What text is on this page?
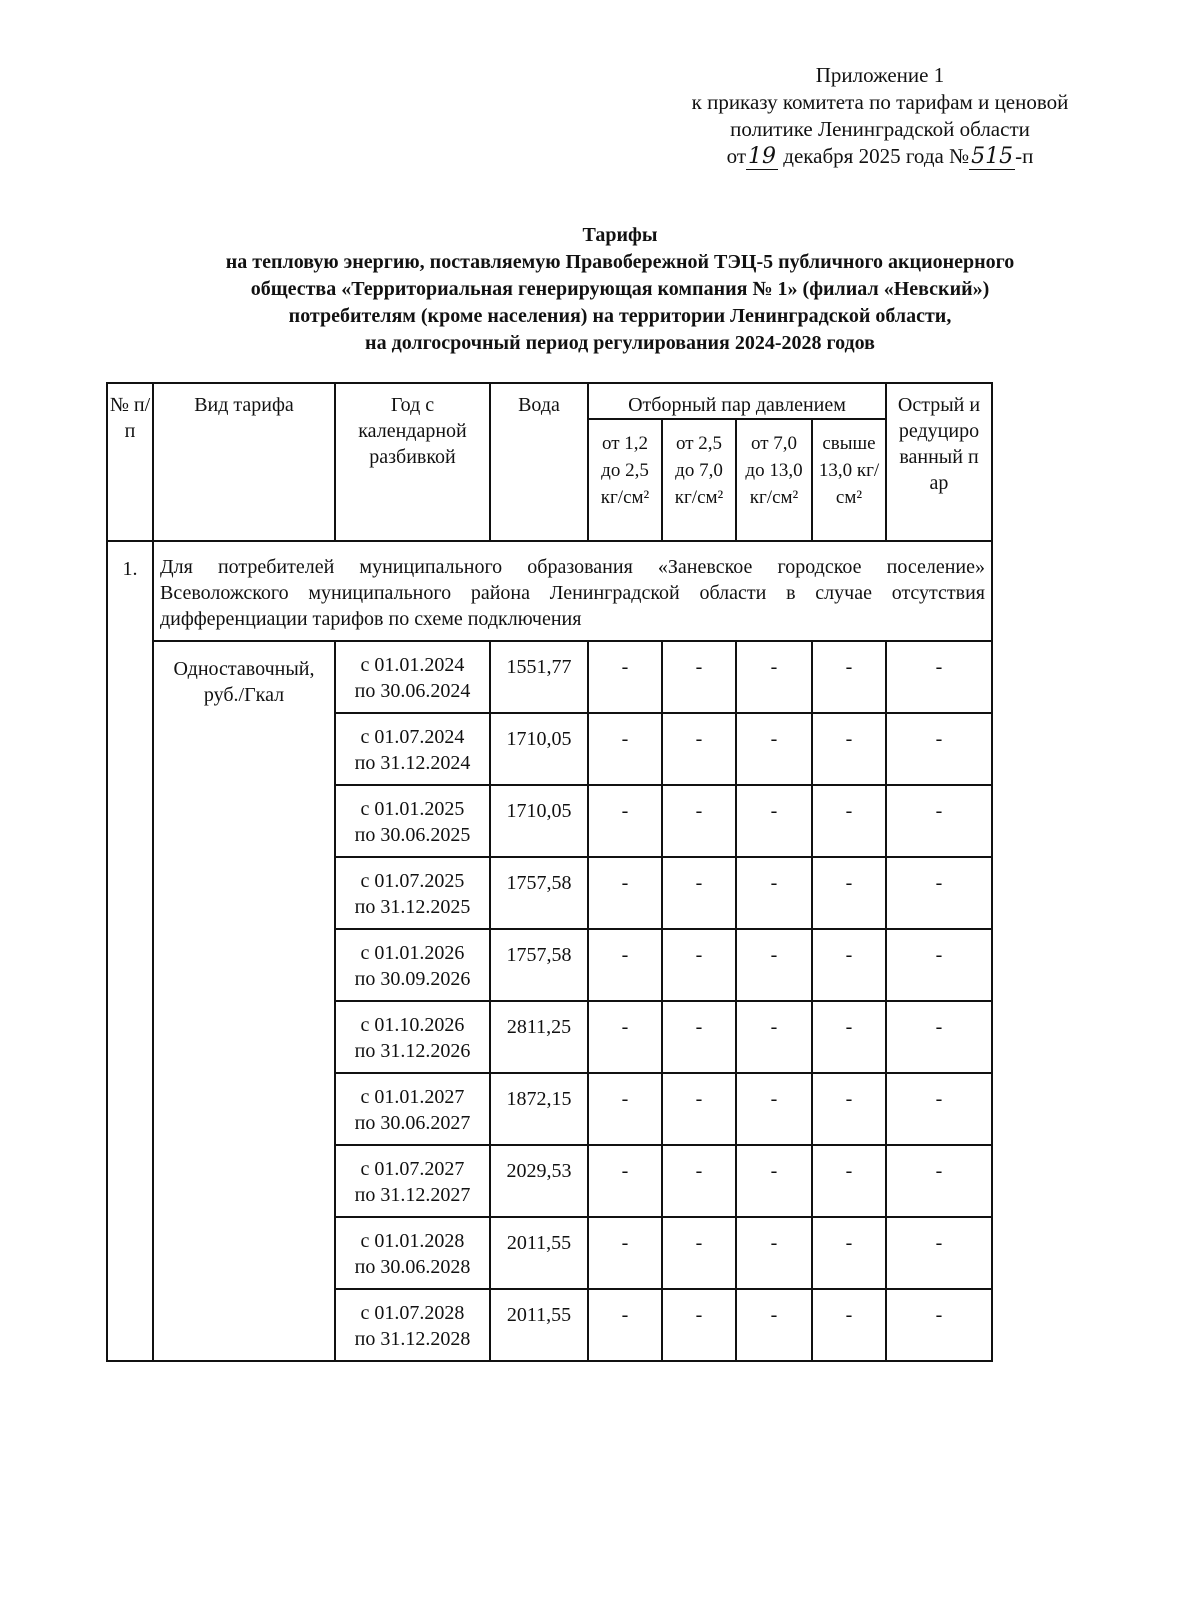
Приложение 1
к приказу комитета по тарифам и ценовой
политике Ленинградской области
от19 декабря 2025 года №515-п
Тарифы
на тепловую энергию, поставляемую Правобережной ТЭЦ-5 публичного акционерного
общества «Территориальная генерирующая компания № 1» (филиал «Невский»)
потребителям (кроме населения) на территории Ленинградской области,
на долгосрочный период регулирования 2024-2028 годов
№ п/п	Вид тарифа	Год с календарной разбивкой	Вода	Отборный пар давлением				Острый и редуцированный пар
				от 1,2 до 2,5 кг/см²	от 2,5 до 7,0 кг/см²	от 7,0 до 13,0 кг/см²	свыше 13,0 кг/см²	
1.	Для потребителей муниципального образования «Заневское городское поселение» Всеволожского муниципального района Ленинградской области в случае отсутствия дифференциации тарифов по схеме подключения							
	Одноставочный, руб./Гкал							

		с 01.01.2024
по 30.06.2024	1551,77	-	-	-	-	-

		с 01.07.2024
по 31.12.2024	1710,05	-	-	-	-	-

		с 01.01.2025
по 30.06.2025	1710,05	-	-	-	-	-

		с 01.07.2025
по 31.12.2025	1757,58	-	-	-	-	-

		с 01.01.2026
по 30.09.2026	1757,58	-	-	-	-	-

		с 01.10.2026
по 31.12.2026	2811,25	-	-	-	-	-

		с 01.01.2027
по 30.06.2027	1872,15	-	-	-	-	-

		с 01.07.2027
по 31.12.2027	2029,53	-	-	-	-	-

		с 01.01.2028
по 30.06.2028	2011,55	-	-	-	-	-

		с 01.07.2028
по 31.12.2028	2011,55	-	-	-	-	-
